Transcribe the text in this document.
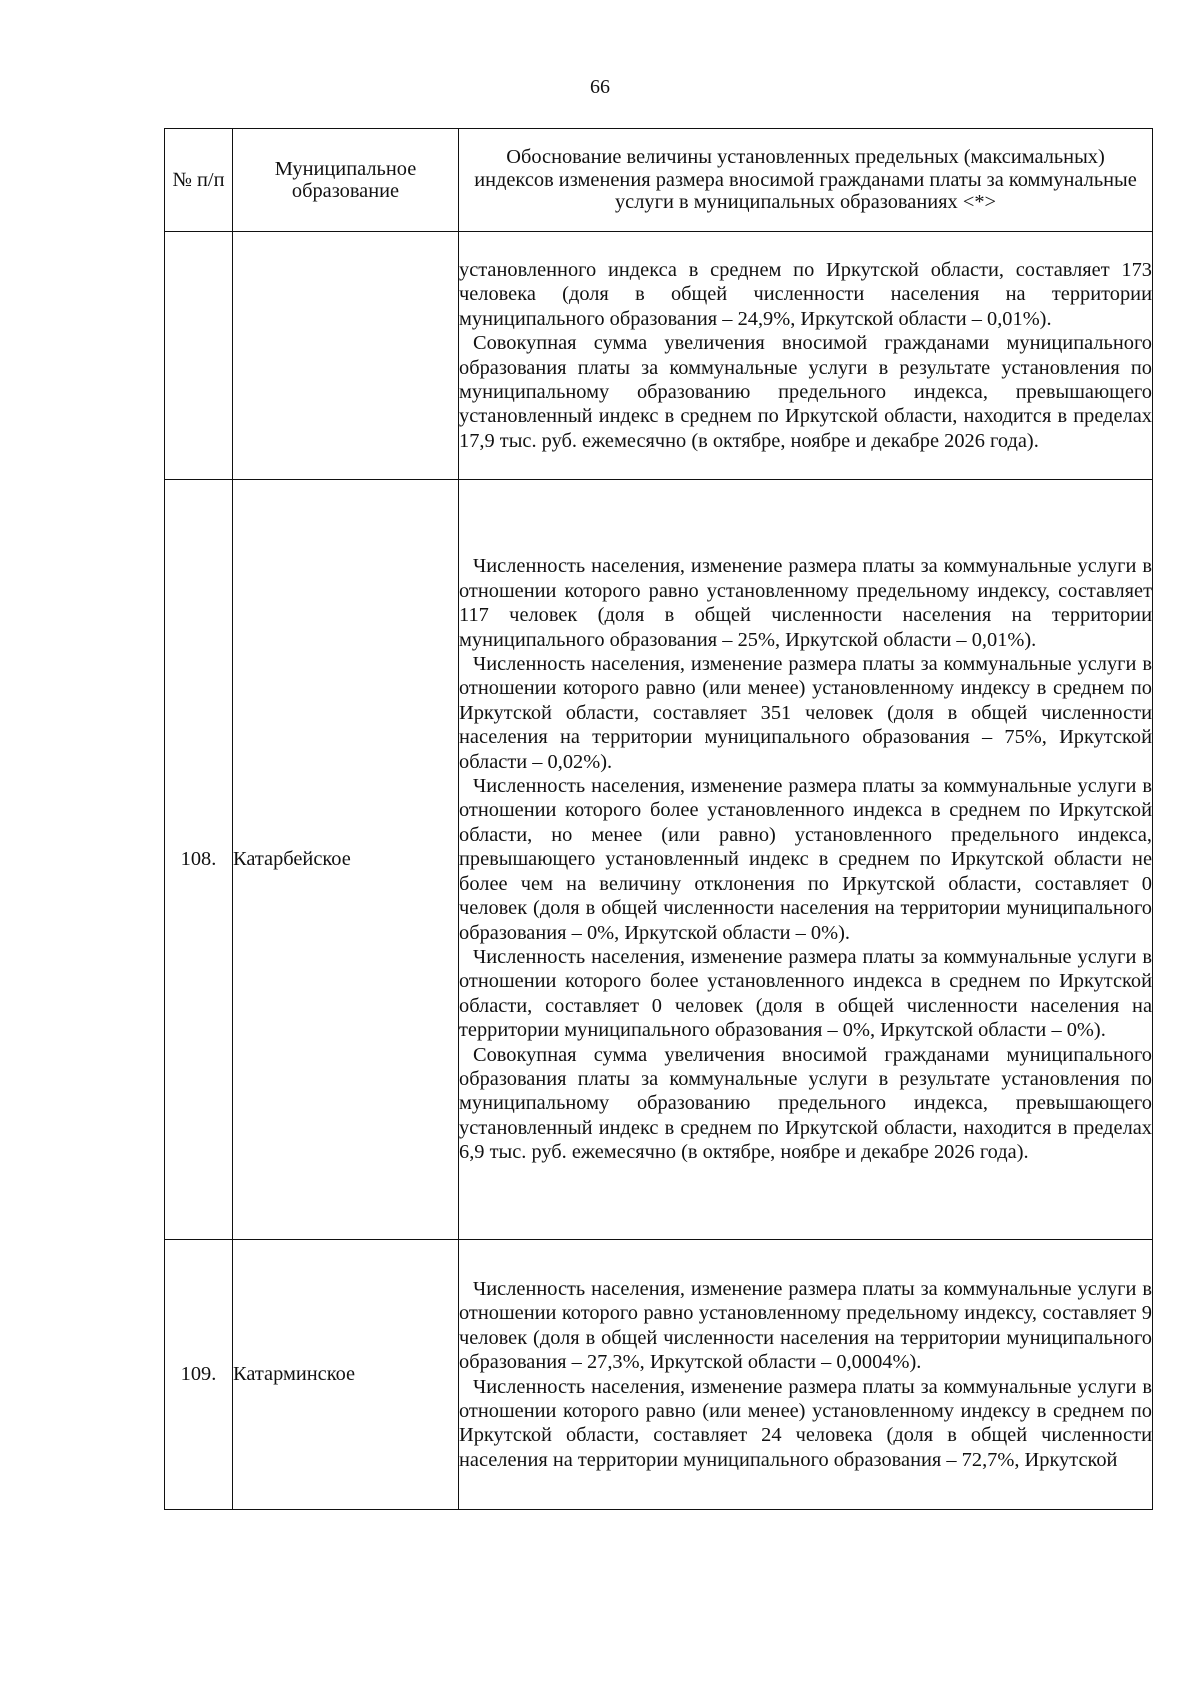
66
№ п/п	Муниципальное образование	Обоснование величины установленных предельных (максимальных) индексов изменения размера вносимой гражданами платы за коммунальные услуги в муниципальных образованиях <*>

		установленного индекса в среднем по Иркутской области, составляет 173 человека (доля в общей численности населения на территории муниципального образования – 24,9%, Иркутской области – 0,01%).

Совокупная сумма увеличения вносимой гражданами муниципального образования платы за коммунальные услуги в результате установления по муниципальному образованию предельного индекса, превышающего установленный индекс в среднем по Иркутской области, находится в пределах 17,9 тыс. руб. ежемесячно (в октябре, ноябре и декабре 2026 года).

108.	Катарбейское	Численность населения, изменение размера платы за коммунальные услуги в отношении которого равно установленному предельному индексу, составляет 117 человек (доля в общей численности населения на территории муниципального образования – 25%, Иркутской области – 0,01%).

Численность населения, изменение размера платы за коммунальные услуги в отношении которого равно (или менее) установленному индексу в среднем по Иркутской области, составляет 351 человек (доля в общей численности населения на территории муниципального образования – 75%, Иркутской области – 0,02%).

Численность населения, изменение размера платы за коммунальные услуги в отношении которого более установленного индекса в среднем по Иркутской области, но менее (или равно) установленного предельного индекса, превышающего установленный индекс в среднем по Иркутской области не более чем на величину отклонения по Иркутской области, составляет 0 человек (доля в общей численности населения на территории муниципального образования – 0%, Иркутской области – 0%).

Численность населения, изменение размера платы за коммунальные услуги в отношении которого более установленного индекса в среднем по Иркутской области, составляет 0 человек (доля в общей численности населения на территории муниципального образования – 0%, Иркутской области – 0%).

Совокупная сумма увеличения вносимой гражданами муниципального образования платы за коммунальные услуги в результате установления по муниципальному образованию предельного индекса, превышающего установленный индекс в среднем по Иркутской области, находится в пределах 6,9 тыс. руб. ежемесячно (в октябре, ноябре и декабре 2026 года).

109.	Катарминское	Численность населения, изменение размера платы за коммунальные услуги в отношении которого равно установленному предельному индексу, составляет 9 человек (доля в общей численности населения на территории муниципального образования – 27,3%, Иркутской области – 0,0004%).

Численность населения, изменение размера платы за коммунальные услуги в отношении которого равно (или менее) установленному индексу в среднем по Иркутской области, составляет 24 человека (доля в общей численности населения на территории муниципального образования – 72,7%, Иркутской
